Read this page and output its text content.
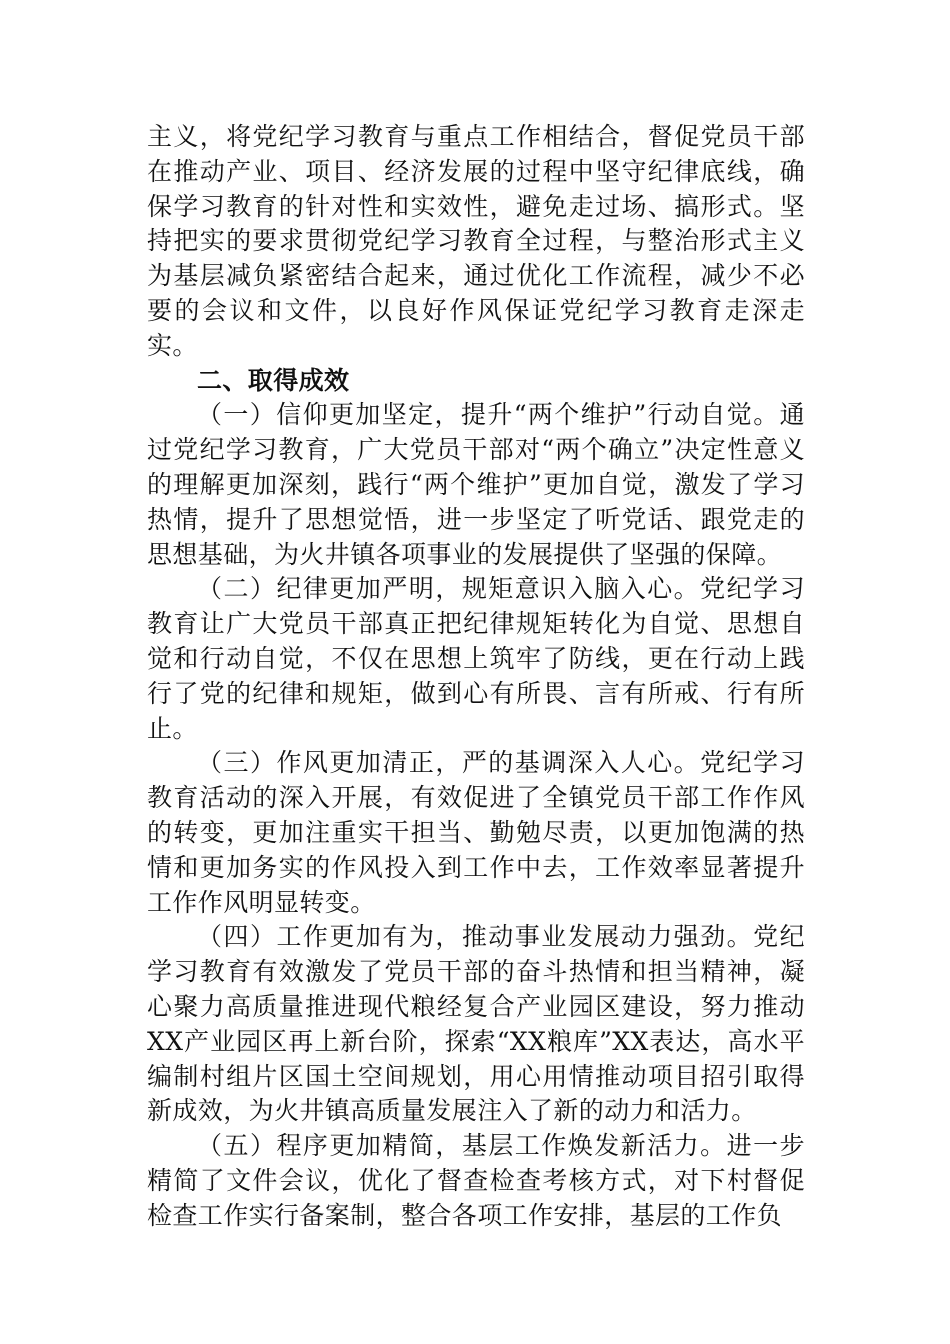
主义，将党纪学习教育与重点工作相结合，督促党员干部在推动产业、项目、经济发展的过程中坚守纪律底线，确保学习教育的针对性和实效性，避免走过场、搞形式。坚持把实的要求贯彻党纪学习教育全过程，与整治形式主义为基层减负紧密结合起来，通过优化工作流程，减少不必要的会议和文件，以良好作风保证党纪学习教育走深走实。

二、取得成效

（一）信仰更加坚定，提升“两个维护”行动自觉。通过党纪学习教育，广大党员干部对“两个确立”决定性意义的理解更加深刻，践行“两个维护”更加自觉，激发了学习热情，提升了思想觉悟，进一步坚定了听党话、跟党走的思想基础，为火井镇各项事业的发展提供了坚强的保障。

（二）纪律更加严明，规矩意识入脑入心。党纪学习教育让广大党员干部真正把纪律规矩转化为自觉、思想自觉和行动自觉，不仅在思想上筑牢了防线，更在行动上践行了党的纪律和规矩，做到心有所畏、言有所戒、行有所止。

（三）作风更加清正，严的基调深入人心。党纪学习教育活动的深入开展，有效促进了全镇党员干部工作作风的转变，更加注重实干担当、勤勉尽责，以更加饱满的热情和更加务实的作风投入到工作中去，工作效率显著提升工作作风明显转变。

（四）工作更加有为，推动事业发展动力强劲。党纪学习教育有效激发了党员干部的奋斗热情和担当精神，凝心聚力高质量推进现代粮经复合产业园区建设，努力推动XX产业园区再上新台阶，探索“XX粮库”XX表达，高水平编制村组片区国土空间规划，用心用情推动项目招引取得新成效，为火井镇高质量发展注入了新的动力和活力。

（五）程序更加精简，基层工作焕发新活力。进一步精简了文件会议，优化了督查检查考核方式，对下村督促检查工作实行备案制，整合各项工作安排，基层的工作负
